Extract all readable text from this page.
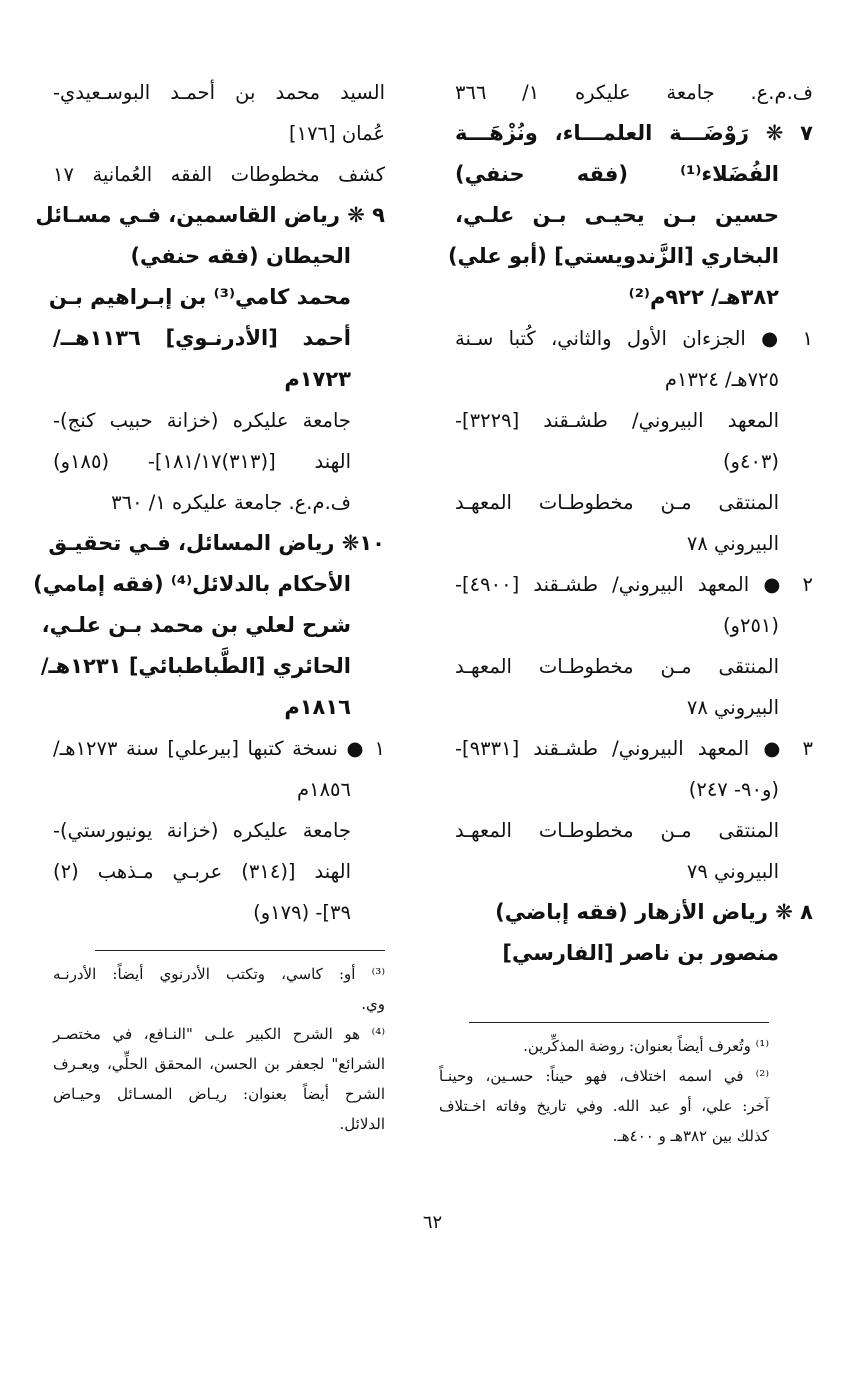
ف.م.ع. جامعة عليكره ١/ ٣٦٦
٧ ❋ رَوْضَـــة العلمـــاء، ونُزْهَـــة
الفُضَلاء⁽¹⁾ (فقه حنفي)
حسين بـن يحيـى بـن علـي،
البخاري [الزَّندويستي] (أبو علي)
٣٨٢هـ/ ٩٢٢م⁽²⁾
١ ● الجزءان الأول والثاني، كُتبا سـنة
٧٢٥هـ/ ١٣٢٤م
المعهد البيروني/ طشـقند [٣٢٢٩]-
(٤٠٣و)
المنتقى مـن مخطوطـات المعهـد
البيروني ٧٨
٢ ● المعهد البيروني/ طشـقند [٤٩٠٠]-
(٢٥١و)
المنتقى مـن مخطوطـات المعهـد
البيروني ٧٨
٣ ● المعهد البيروني/ طشـقند [٩٣٣١]-
(و٩٠- ٢٤٧)
المنتقى مـن مخطوطـات المعهـد
البيروني ٧٩
٨ ❋ رياض الأزهار (فقه إباضي)
منصور بن ناصر [الفارسي]
السيد محمد بن أحمـد البوسـعيدي-
عُمان [١٧٦]
كشف مخطوطات الفقه العُمانية ١٧
٩ ❋ رياض القاسمين، فـي مسـائل
الحيطان (فقه حنفي)
محمد كامي⁽³⁾ بن إبـراهيم بـن
أحمد [الأدرنـوي] ١١٣٦هــ/
١٧٢٣م
جامعة عليكره (خزانة حبيب كنج)-
الهند [(٣١٣)١٨١/١٧]- (١٨٥و)
ف.م.ع. جامعة عليكره ١/ ٣٦٠
١٠❋ رياض المسائل، فـي تحقيـق
الأحكام بالدلائل⁽⁴⁾ (فقه إمامي)
شرح لعلي بن محمد بـن علـي،
الحائري [الطَّباطبائي] ١٢٣١هـ/
١٨١٦م
١ ● نسخة كتبها [بيرعلي] سنة ١٢٧٣هـ/
١٨٥٦م
جامعة عليكره (خزانة يونيورستي)-
الهند [(٣١٤) عربـي مـذهب (٢)
٣٩]- (١٧٩و)
⁽¹⁾ وتُعرف أيضاً بعنوان: روضة المذكِّرين.
⁽²⁾ في اسمه اختلاف، فهو حيناً: حسـين، وحينـاً
آخر: علي، أو عبد الله. وفي تاريخ وفاته اخـتلاف
كذلك بين ٣٨٢هـ و ٤٠٠هـ.
⁽³⁾ أو: كاسي، وتكتب الأدرنوي أيضاً: الأدرنـه
وي.
⁽⁴⁾ هو الشرح الكبير علـى "النـافع، في مختصـر
الشرائع" لجعفر بن الحسن، المحقق الحلِّي، ويعـرف
الشرح أيضاً بعنوان: ريـاض المسـائل وحيـاض
الدلائل.
٦٢
